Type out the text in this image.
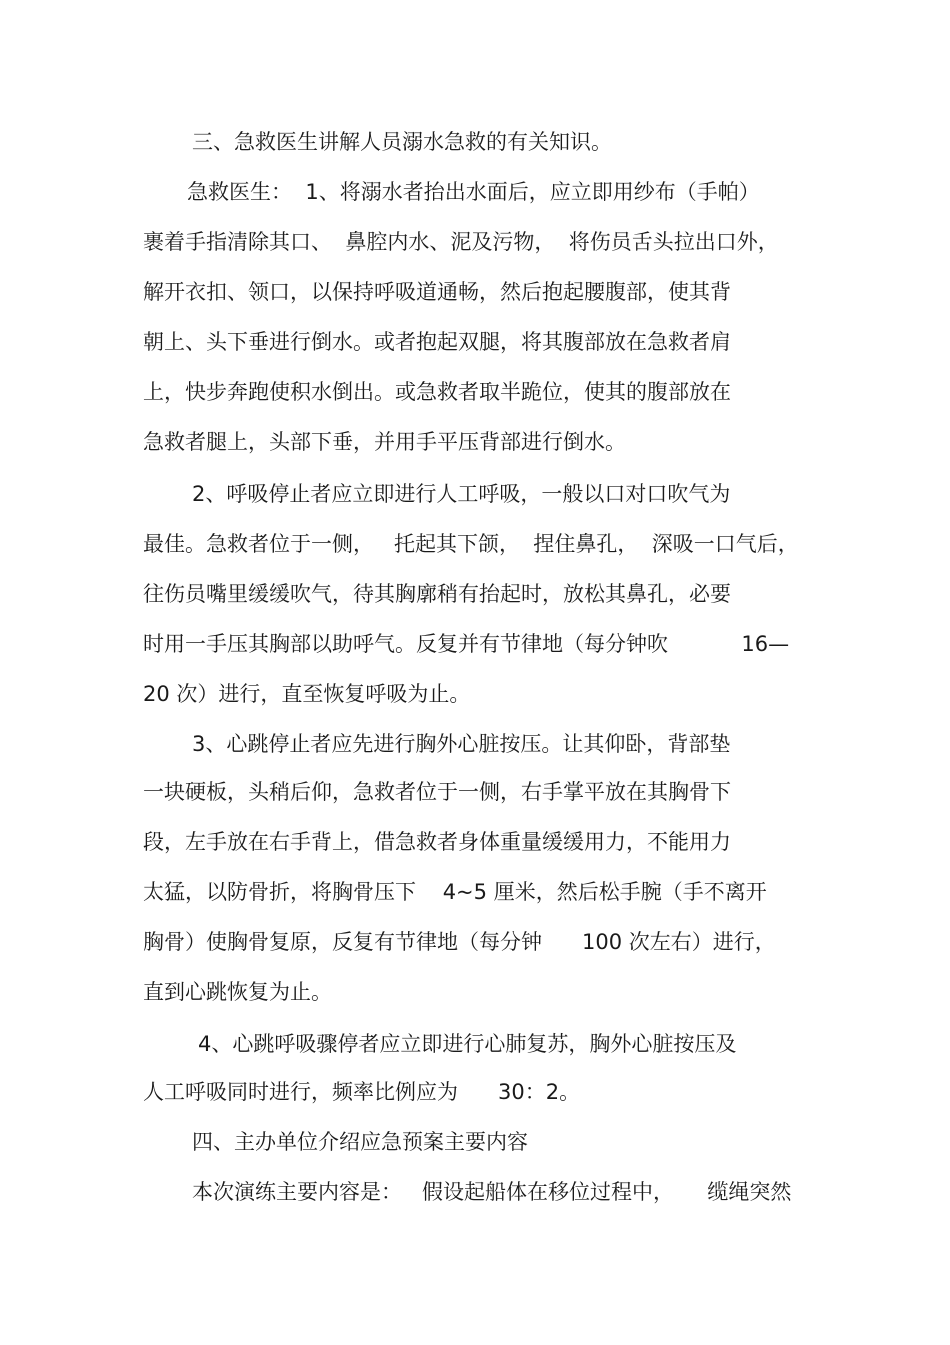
三、急救医生讲解人员溺水急救的有关知识。
急救医生：  1、将溺水者抬出水面后，应立即用纱布（手帕）
裹着手指清除其口、  鼻腔内水、泥及污物，  将伤员舌头拉出口外，
解开衣扣、领口，以保持呼吸道通畅，然后抱起腰腹部，使其背
朝上、头下垂进行倒水。或者抱起双腿，将其腹部放在急救者肩
上，快步奔跑使积水倒出。或急救者取半跪位，使其的腹部放在
急救者腿上，头部下垂，并用手平压背部进行倒水。
2、呼吸停止者应立即进行人工呼吸，一般以口对口吹气为
最佳。急救者位于一侧，   托起其下颌，  捏住鼻孔，  深吸一口气后，
往伤员嘴里缓缓吹气，待其胸廓稍有抬起时，放松其鼻孔，必要
时用一手压其胸部以助呼气。反复并有节律地（每分钟吹           16—
20 次）进行，直至恢复呼吸为止。
3、心跳停止者应先进行胸外心脏按压。让其仰卧，背部垫
一块硬板，头稍后仰，急救者位于一侧，右手掌平放在其胸骨下
段，左手放在右手背上，借急救者身体重量缓缓用力，不能用力
太猛，以防骨折，将胸骨压下    4~5 厘米，然后松手腕（手不离开
胸骨）使胸骨复原，反复有节律地（每分钟      100 次左右）进行，
直到心跳恢复为止。
4、心跳呼吸骤停者应立即进行心肺复苏，胸外心脏按压及
人工呼吸同时进行，频率比例应为      30：2。
四、主办单位介绍应急预案主要内容
本次演练主要内容是：   假设起船体在移位过程中，     缆绳突然
